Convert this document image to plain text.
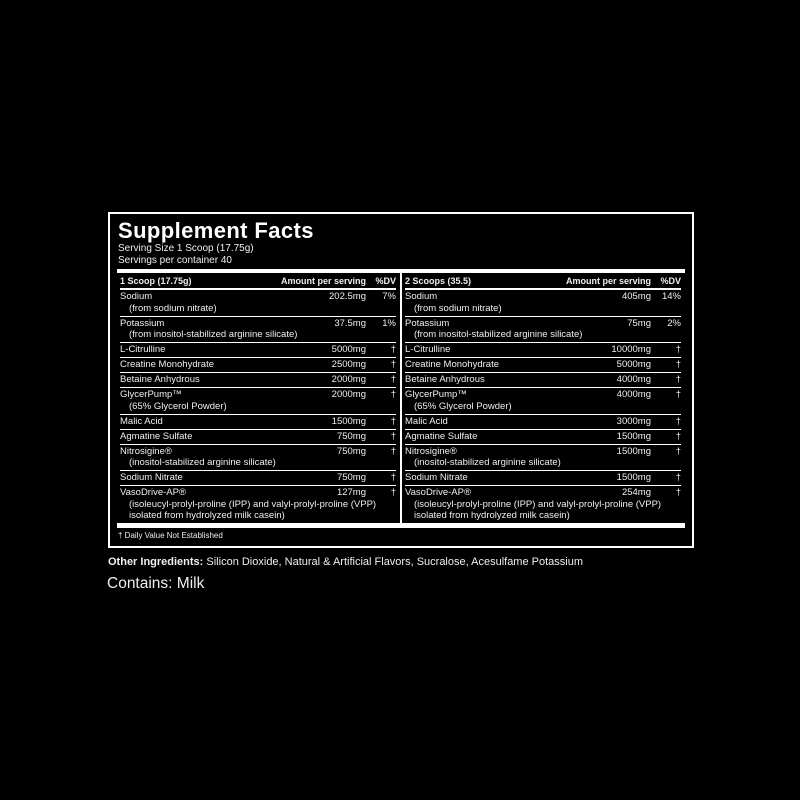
Supplement Facts
Serving Size 1 Scoop (17.75g)
Servings per container 40
1 Scoop (17.75g)	Amount per serving	%DV
Sodium	202.5mg	7%
(from sodium nitrate)
Potassium	37.5mg	1%
(from inositol-stabilized arginine silicate)
L-Citrulline	5000mg	†
Creatine Monohydrate	2500mg	†
Betaine Anhydrous	2000mg	†
GlycerPump™	2000mg	†
(65% Glycerol Powder)
Malic Acid	1500mg	†
Agmatine Sulfate	750mg	†
Nitrosigine®	750mg	†
(inositol-stabilized arginine silicate)
Sodium Nitrate	750mg	†
VasoDrive-AP®	127mg	†
(isoleucyl-prolyl-proline (IPP) and valyl-prolyl-proline (VPP) isolated from hydrolyzed milk casein)
2 Scoops (35.5)	Amount per serving	%DV
Sodium	405mg	14%
(from sodium nitrate)
Potassium	75mg	2%
(from inositol-stabilized arginine silicate)
L-Citrulline	10000mg	†
Creatine Monohydrate	5000mg	†
Betaine Anhydrous	4000mg	†
GlycerPump™	4000mg	†
(65% Glycerol Powder)
Malic Acid	3000mg	†
Agmatine Sulfate	1500mg	†
Nitrosigine®	1500mg	†
(inositol-stabilized arginine silicate)
Sodium Nitrate	1500mg	†
VasoDrive-AP®	254mg	†
(isoleucyl-prolyl-proline (IPP) and valyl-prolyl-proline (VPP) isolated from hydrolyzed milk casein)
† Daily Value Not Established

Other Ingredients: Silicon Dioxide, Natural & Artificial Flavors, Sucralose, Acesulfame Potassium

Contains: Milk
